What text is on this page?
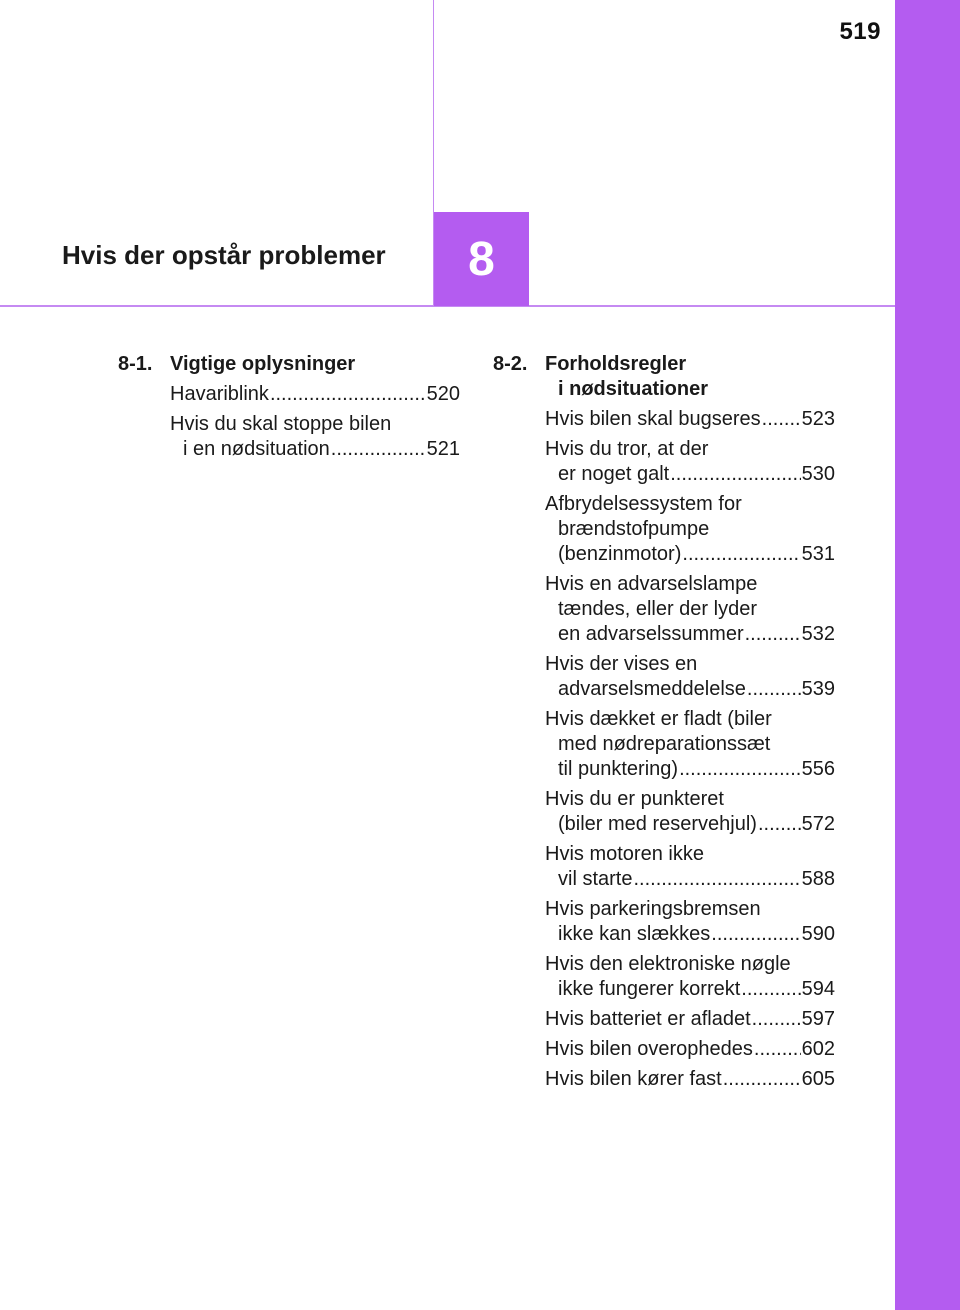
519
Hvis der opstår problemer 8
8-1. Vigtige oplysninger
Havariblink .....	520
Hvis du skal stoppe bilen
i en nødsituation .....	521
8-2. Forholdsregler
i nødsituationer
Hvis bilen skal bugseres ..... 523
Hvis du tror, at der
er noget galt .....	530
Afbrydelsessystem for
brændstofpumpe
(benzinmotor) .....	531
Hvis en advarselslampe
tændes, eller der lyder
en advarselssummer .....	532
Hvis der vises en
advarselsmeddelelse .....	539
Hvis dækket er fladt (biler
med nødreparationssæt
til punktering) .....	556
Hvis du er punkteret
(biler med reservehjul) ..... 572
Hvis motoren ikke
vil starte .....	588
Hvis parkeringsbremsen
ikke kan slækkes .....	590
Hvis den elektroniske nøgle
ikke fungerer korrekt .....	594
Hvis batteriet er afladet .....	597
Hvis bilen overophedes ..... 602
Hvis bilen kører fast .....	605
